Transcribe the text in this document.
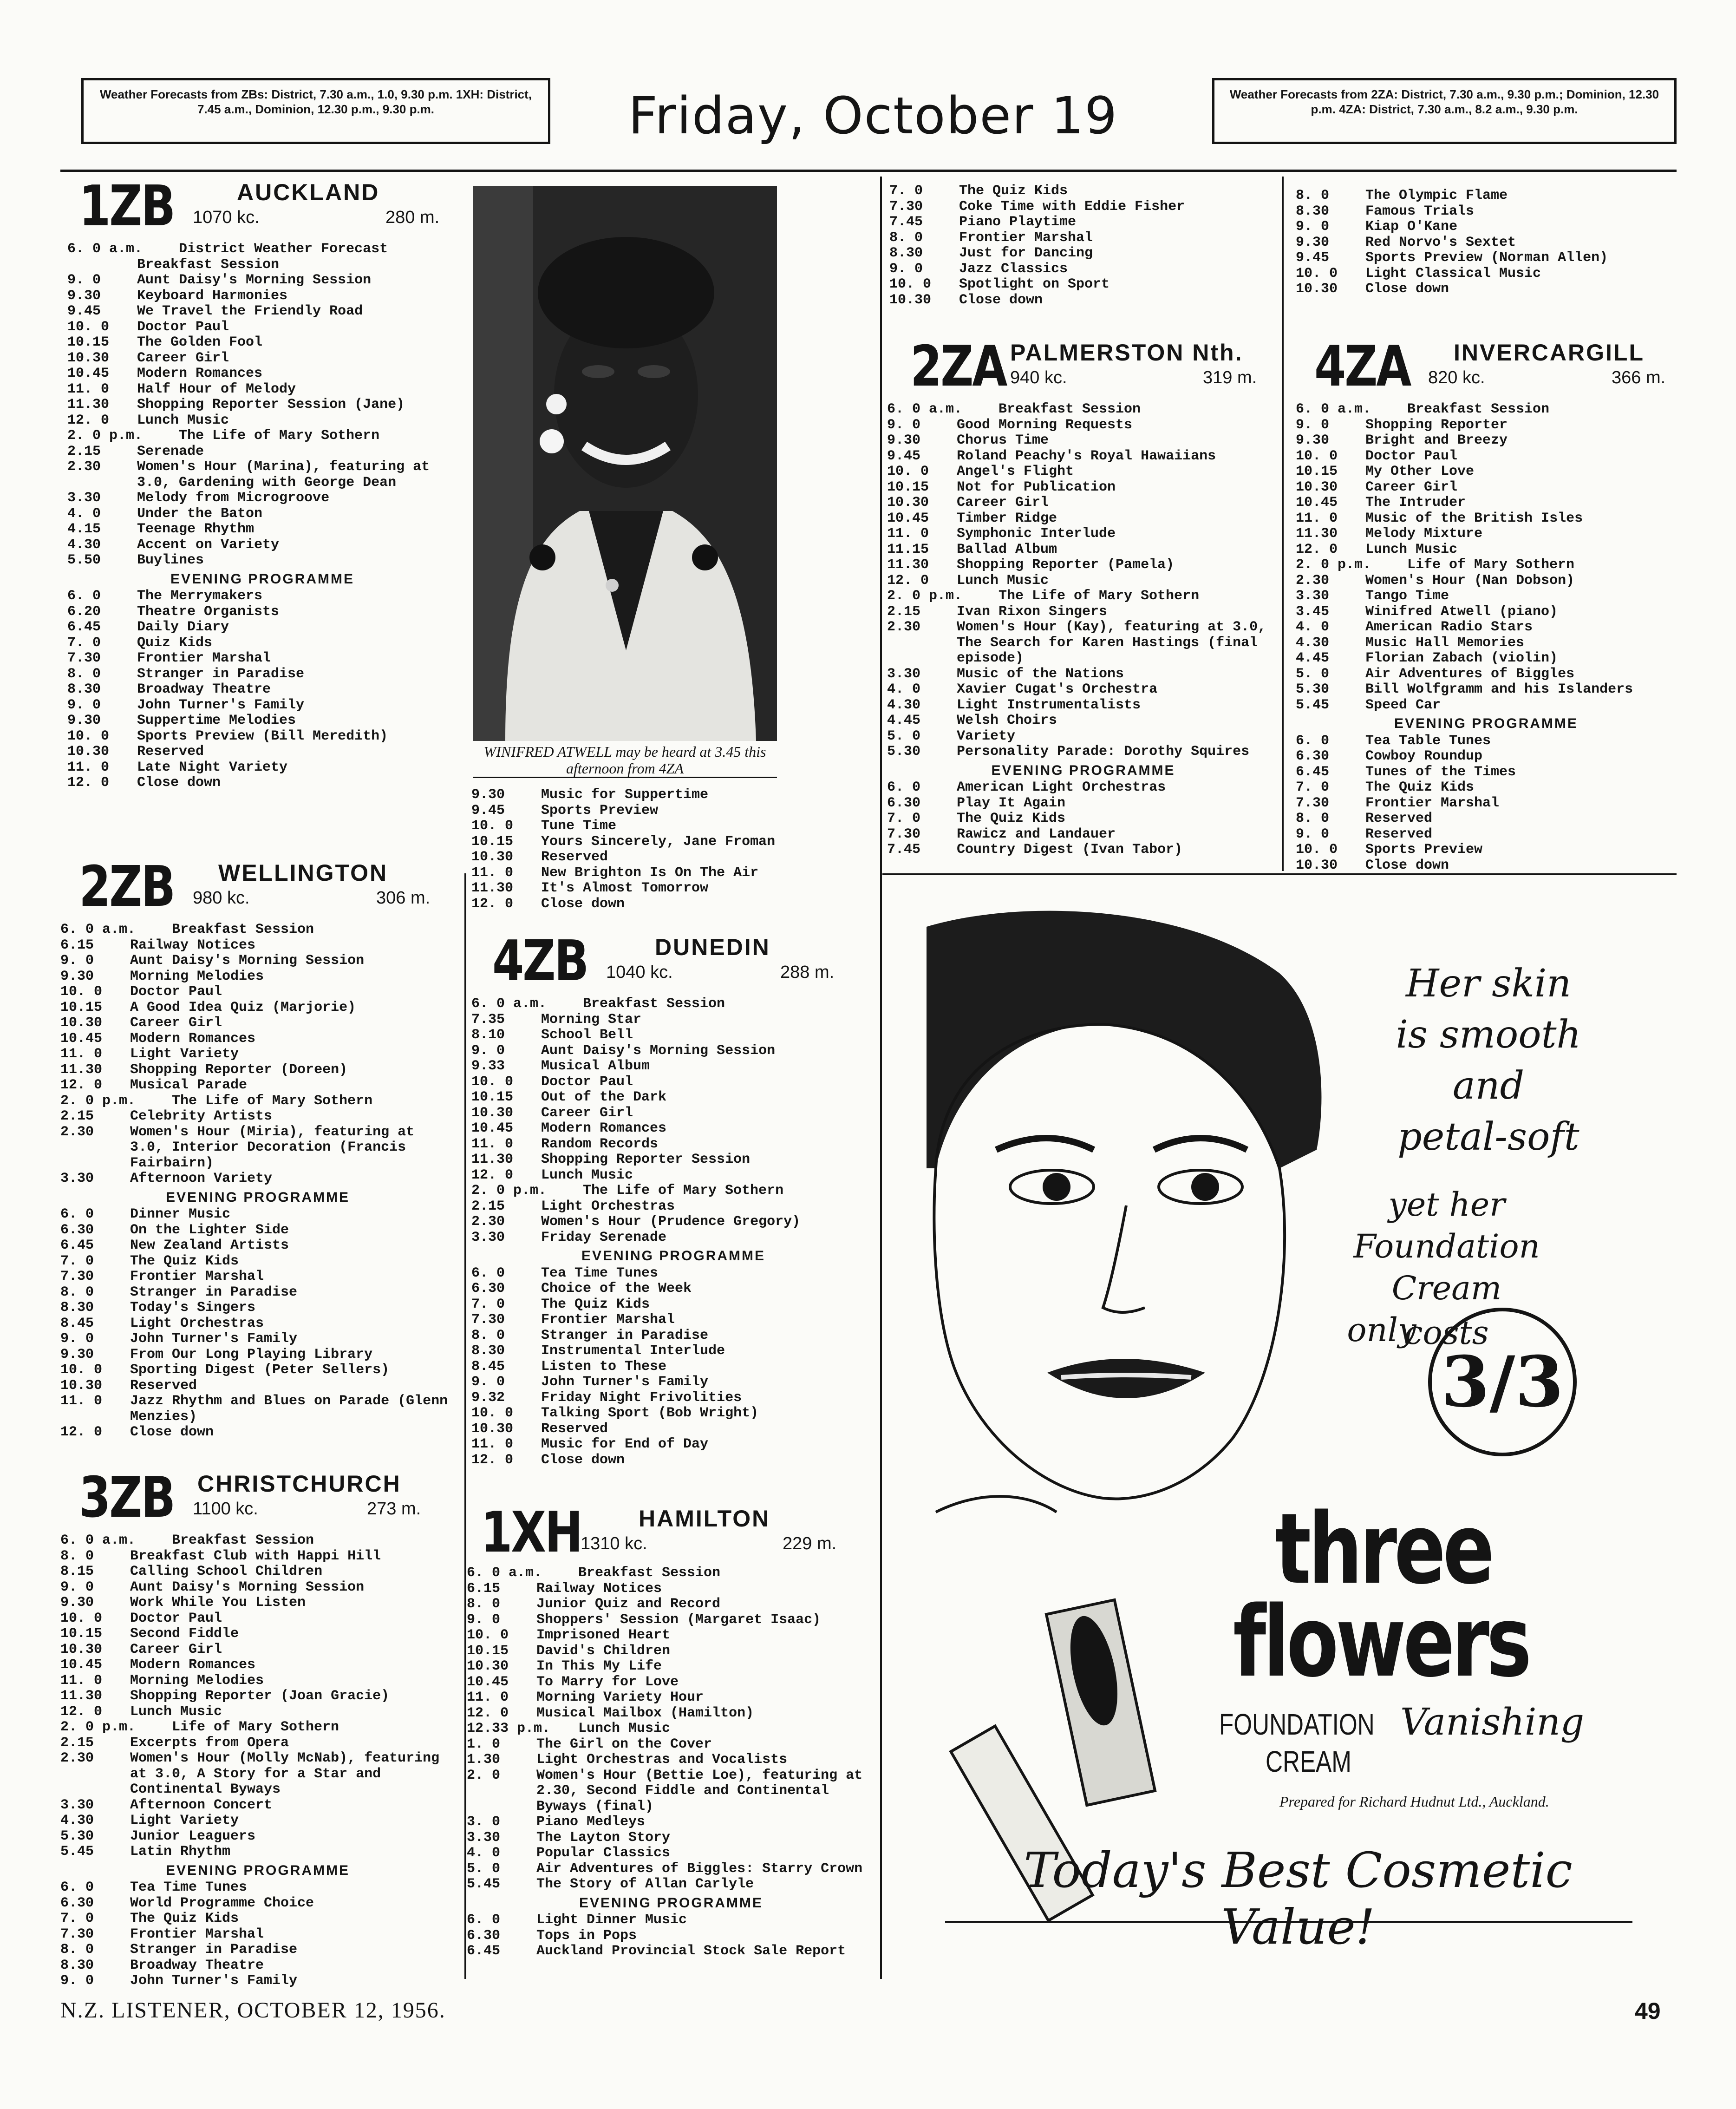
Weather Forecasts from ZBs: District, 7.30 a.m., 1.0, 9.30 p.m. 1XH: District, 7.45 a.m., Dominion, 12.30 p.m., 9.30 p.m.	Friday, October 19	Weather Forecasts from 2ZA: District, 7.30 a.m., 9.30 p.m.; Dominion, 12.30 p.m. 4ZA: District, 7.30 a.m., 8.2 a.m., 9.30 p.m.
1ZB	AUCKLAND
1070 kc.	280 m.
6. 0 a.m.	District Weather Forecast
Breakfast Session
9. 0	Aunt Daisy's Morning Session
9.30	Keyboard Harmonies
9.45	We Travel the Friendly Road
10. 0	Doctor Paul
10.15	The Golden Fool
10.30	Career Girl
10.45	Modern Romances
11. 0	Half Hour of Melody
11.30	Shopping Reporter Session (Jane)
12. 0	Lunch Music
2. 0 p.m.	The Life of Mary Sothern
2.15	Serenade
2.30	Women's Hour (Marina), featuring at 3.0, Gardening with George Dean
3.30	Melody from Microgroove
4. 0	Under the Baton
4.15	Teenage Rhythm
4.30	Accent on Variety
5.50	Buylines
EVENING PROGRAMME
6. 0	The Merrymakers
6.20	Theatre Organists
6.45	Daily Diary
7. 0	Quiz Kids
7.30	Frontier Marshal
8. 0	Stranger in Paradise
8.30	Broadway Theatre
9. 0	John Turner's Family
9.30	Suppertime Melodies
10. 0	Sports Preview (Bill Meredith)
10.30	Reserved
11. 0	Late Night Variety
12. 0	Close down
2ZB WELLINGTON
980 kc.	306 m.
6. 0 a.m.	Breakfast Session
6.15	Railway Notices
9. 0	Aunt Daisy's Morning Session
9.30	Morning Melodies
10. 0	Doctor Paul
10.15	A Good Idea Quiz (Marjorie)
10.30	Career Girl
10.45	Modern Romances
11. 0	Light Variety
11.30	Shopping Reporter (Doreen)
12. 0	Musical Parade
2. 0 p.m.	The Life of Mary Sothern
2.15	Celebrity Artists
2.30	Women's Hour (Miria), featuring at 3.0, Interior Decoration (Francis Fairbairn)
3.30	Afternoon Variety
EVENING PROGRAMME
6. 0	Dinner Music
6.30	On the Lighter Side
6.45	New Zealand Artists
7. 0	The Quiz Kids
7.30	Frontier Marshal
8. 0	Stranger in Paradise
8.30	Today's Singers
8.45	Light Orchestras
9. 0	John Turner's Family
9.30	From Our Long Playing Library
10. 0	Sporting Digest (Peter Sellers)
10.30	Reserved
11. 0	Jazz Rhythm and Blues on Parade (Glenn Menzies)
12. 0	Close down
3ZB CHRISTCHURCH
1100 kc.	273 m.
6. 0 a.m.	Breakfast Session
8. 0	Breakfast Club with Happi Hill
8.15	Calling School Children
9. 0	Aunt Daisy's Morning Session
9.30	Work While You Listen
10. 0	Doctor Paul
10.15	Second Fiddle
10.30	Career Girl
10.45	Modern Romances
11. 0	Morning Melodies
11.30	Shopping Reporter (Joan Gracie)
12. 0	Lunch Music
2. 0 p.m.	Life of Mary Sothern
2.15	Excerpts from Opera
2.30	Women's Hour (Molly McNab), featuring at 3.0, A Story for a Star and Continental Byways
3.30	Afternoon Concert
4.30	Light Variety
5.30	Junior Leaguers
5.45	Latin Rhythm
EVENING PROGRAMME
6. 0	Tea Time Tunes
6.30	World Programme Choice
7. 0	The Quiz Kids
7.30	Frontier Marshal
8. 0	Stranger in Paradise
8.30	Broadway Theatre
9. 0	John Turner's Family
WINIFRED ATWELL may be heard at 3.45 this afternoon from 4ZA
9.30	Music for Suppertime
9.45	Sports Preview
10. 0	Tune Time
10.15	Yours Sincerely, Jane Froman
10.30	Reserved
11. 0	New Brighton Is On The Air
11.30	It's Almost Tomorrow
12. 0	Close down
4ZB	DUNEDIN
1040 kc.	288 m.
6. 0 a.m.	Breakfast Session
7.35	Morning Star
8.10	School Bell
9. 0	Aunt Daisy's Morning Session
9.33	Musical Album
10. 0	Doctor Paul
10.15	Out of the Dark
10.30	Career Girl
10.45	Modern Romances
11. 0	Random Records
11.30	Shopping Reporter Session
12. 0	Lunch Music
2. 0 p.m.	The Life of Mary Sothern
2.15	Light Orchestras
2.30	Women's Hour (Prudence Gregory)
3.30	Friday Serenade
EVENING PROGRAMME
6. 0	Tea Time Tunes
6.30	Choice of the Week
7. 0	The Quiz Kids
7.30	Frontier Marshal
8. 0	Stranger in Paradise
8.30	Instrumental Interlude
8.45	Listen to These
9. 0	John Turner's Family
9.32	Friday Night Frivolities
10. 0	Talking Sport (Bob Wright)
10.30	Reserved
11. 0	Music for End of Day
12. 0	Close down
1XH HAMILTON
1310 kc.	229 m.
6. 0 a.m.	Breakfast Session
6.15	Railway Notices
8. 0	Junior Quiz and Record
9. 0	Shoppers' Session (Margaret Isaac)
10. 0	Imprisoned Heart
10.15	David's Children
10.30	In This My Life
10.45	To Marry for Love
11. 0	Morning Variety Hour
12. 0	Musical Mailbox (Hamilton)
12.33 p.m.	Lunch Music
1. 0	The Girl on the Cover
1.30	Light Orchestras and Vocalists
2. 0	Women's Hour (Bettie Loe), featuring at 2.30, Second Fiddle and Continental Byways (final)
3. 0	Piano Medleys
3.30	The Layton Story
4. 0	Popular Classics
5. 0	Air Adventures of Biggles: Starry Crown
5.45	The Story of Allan Carlyle
EVENING PROGRAMME
6. 0	Light Dinner Music
6.30	Tops in Pops
6.45	Auckland Provincial Stock Sale Report
7. 0	The Quiz Kids
7.30	Coke Time with Eddie Fisher
7.45	Piano Playtime
8. 0	Frontier Marshal
8.30	Just for Dancing
9. 0	Jazz Classics
10. 0	Spotlight on Sport
10.30	Close down
2ZA PALMERSTON Nth.
940 kc.	319 m.
6. 0 a.m.	Breakfast Session
9. 0	Good Morning Requests
9.30	Chorus Time
9.45	Roland Peachy's Royal Hawaiians
10. 0	Angel's Flight
10.15	Not for Publication
10.30	Career Girl
10.45	Timber Ridge
11. 0	Symphonic Interlude
11.15	Ballad Album
11.30	Shopping Reporter (Pamela)
12. 0	Lunch Music
2. 0 p.m.	The Life of Mary Sothern
2.15	Ivan Rixon Singers
2.30	Women's Hour (Kay), featuring at 3.0, The Search for Karen Hastings (final episode)
3.30	Music of the Nations
4. 0	Xavier Cugat's Orchestra
4.30	Light Instrumentalists
4.45	Welsh Choirs
5. 0	Variety
5.30	Personality Parade: Dorothy Squires
EVENING PROGRAMME
6. 0	American Light Orchestras
6.30	Play It Again
7. 0	The Quiz Kids
7.30	Rawicz and Landauer
7.45	Country Digest (Ivan Tabor)
8. 0	The Olympic Flame
8.30	Famous Trials
9. 0	Kiap O'Kane
9.30	Red Norvo's Sextet
9.45	Sports Preview (Norman Allen)
10. 0	Light Classical Music
10.30	Close down
4ZA INVERCARGILL
820 kc.	366 m.
6. 0 a.m.	Breakfast Session
9. 0	Shopping Reporter
9.30	Bright and Breezy
10. 0	Doctor Paul
10.15	My Other Love
10.30	Career Girl
10.45	The Intruder
11. 0	Music of the British Isles
11.30	Melody Mixture
12. 0	Lunch Music
2. 0 p.m.	Life of Mary Sothern
2.30	Women's Hour (Nan Dobson)
3.30	Tango Time
3.45	Winifred Atwell (piano)
4. 0	American Radio Stars
4.30	Music Hall Memories
4.45	Florian Zabach (violin)
5. 0	Air Adventures of Biggles
5.30	Bill Wolfgramm and his Islanders
5.45	Speed Car
EVENING PROGRAMME
6. 0	Tea Table Tunes
6.30	Cowboy Roundup
6.45	Tunes of the Times
7. 0	The Quiz Kids
7.30	Frontier Marshal
8. 0	Reserved
9. 0	Reserved
10. 0	Sports Preview
10.30	Close down
Her skin
is smooth
and
petal-soft
yet her
Foundation
Cream costs
only
3/3
three
flowers
FOUNDATION Vanishing
CREAM
Prepared for Richard Hudnut Ltd., Auckland.
Today's Best Cosmetic Value!
N.Z. LISTENER, OCTOBER 12, 1956.	49
